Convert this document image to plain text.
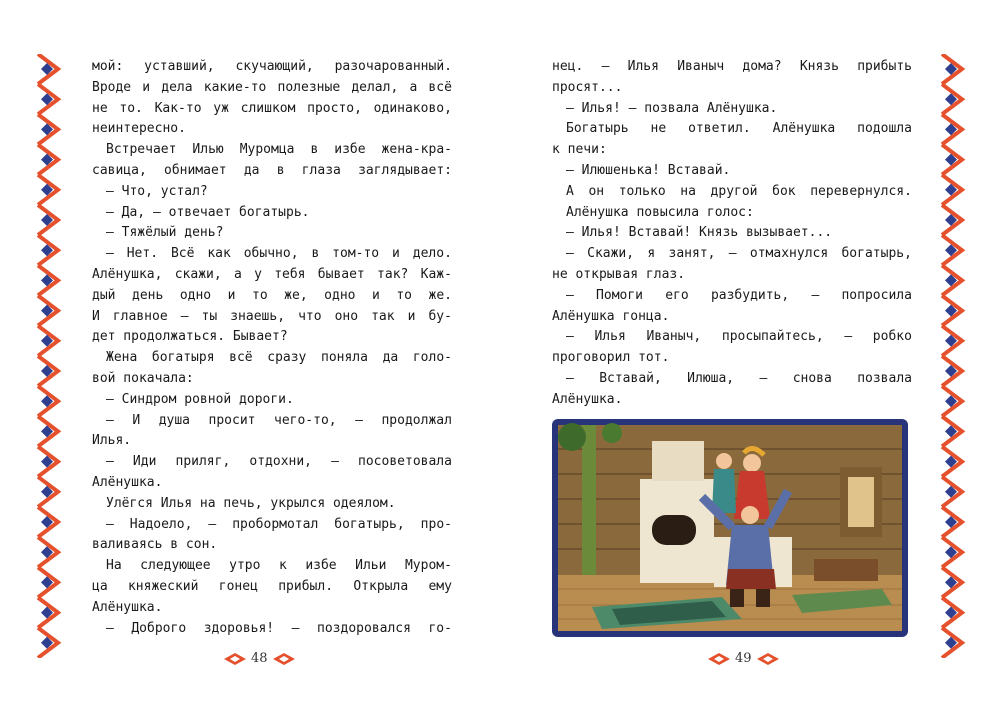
мой: уставший, скучающий, разочарованный.
Вроде и дела какие-то полезные делал, а всё
не то. Как-то уж слишком просто, одинаково,
неинтересно.
Встречает Илью Муромца в избе жена-кра-
савица, обнимает да в глаза заглядывает:
— Что, устал?
— Да, — отвечает богатырь.
— Тяжёлый день?
— Нет. Всё как обычно, в том-то и дело.
Алёнушка, скажи, а у тебя бывает так? Каж-
дый день одно и то же, одно и то же.
И главное — ты знаешь, что оно так и бу-
дет продолжаться. Бывает?
Жена богатыря всё сразу поняла да голо-
вой покачала:
— Синдром ровной дороги.
— И душа просит чего-то, — продолжал
Илья.
— Иди приляг, отдохни, — посоветовала
Алёнушка.
Улёгся Илья на печь, укрылся одеялом.
— Надоело, — пробормотал богатырь, про-
валиваясь в сон.
На следующее утро к избе Ильи Муром-
ца княжеский гонец прибыл. Открыла ему
Алёнушка.
— Доброго здоровья! — поздоровался го-
нец. — Илья Иваныч дома? Князь прибыть
просят...
— Илья! — позвала Алёнушка.
Богатырь не ответил. Алёнушка подошла
к печи:
— Илюшенька! Вставай.
А он только на другой бок перевернулся.
Алёнушка повысила голос:
— Илья! Вставай! Князь вызывает...
— Скажи, я занят, — отмахнулся богатырь,
не открывая глаз.
— Помоги его разбудить, — попросила
Алёнушка гонца.
— Илья Иваныч, просыпайтесь, — робко
проговорил тот.
— Вставай, Илюша, — снова позвала
Алёнушка.
48	49
